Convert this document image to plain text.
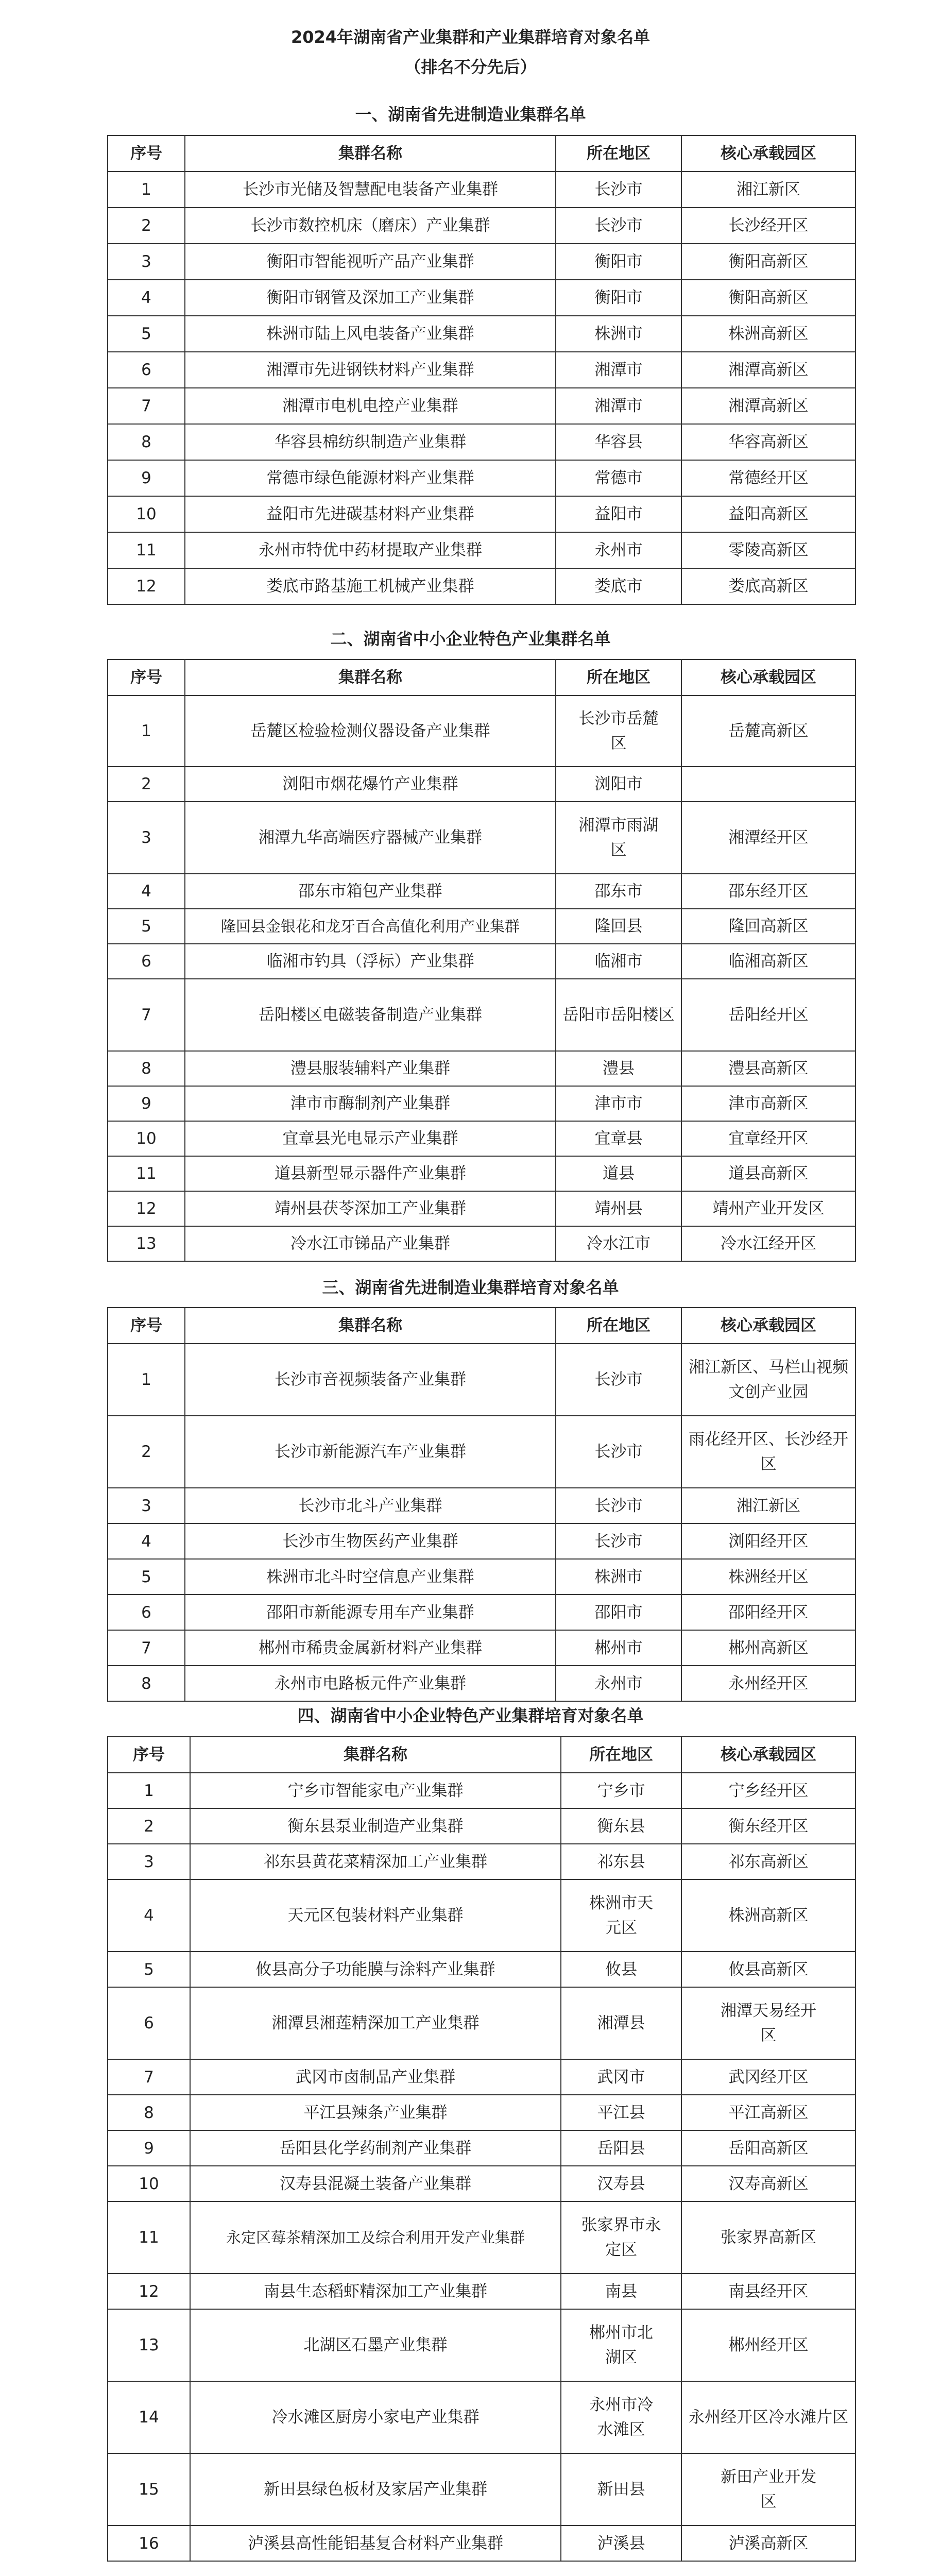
2024年湖南省产业集群和产业集群培育对象名单
（排名不分先后）
一、湖南省先进制造业集群名单
序号	集群名称	所在地区	核心承载园区
1	长沙市光储及智慧配电装备产业集群	长沙市	湘江新区
2	长沙市数控机床（磨床）产业集群	长沙市	长沙经开区
3	衡阳市智能视听产品产业集群	衡阳市	衡阳高新区
4	衡阳市钢管及深加工产业集群	衡阳市	衡阳高新区
5	株洲市陆上风电装备产业集群	株洲市	株洲高新区
6	湘潭市先进钢铁材料产业集群	湘潭市	湘潭高新区
7	湘潭市电机电控产业集群	湘潭市	湘潭高新区
8	华容县棉纺织制造产业集群	华容县	华容高新区
9	常德市绿色能源材料产业集群	常德市	常德经开区
10	益阳市先进碳基材料产业集群	益阳市	益阳高新区
11	永州市特优中药材提取产业集群	永州市	零陵高新区
12	娄底市路基施工机械产业集群	娄底市	娄底高新区
二、湖南省中小企业特色产业集群名单
序号	集群名称	所在地区	核心承载园区
1	岳麓区检验检测仪器设备产业集群	长沙市岳麓区	岳麓高新区
2	浏阳市烟花爆竹产业集群	浏阳市	
3	湘潭九华高端医疗器械产业集群	湘潭市雨湖区	湘潭经开区
4	邵东市箱包产业集群	邵东市	邵东经开区
5	隆回县金银花和龙牙百合高值化利用产业集群	隆回县	隆回高新区
6	临湘市钓具（浮标）产业集群	临湘市	临湘高新区
7	岳阳楼区电磁装备制造产业集群	岳阳市岳阳楼区	岳阳经开区
8	澧县服装辅料产业集群	澧县	澧县高新区
9	津市市酶制剂产业集群	津市市	津市高新区
10	宜章县光电显示产业集群	宜章县	宜章经开区
11	道县新型显示器件产业集群	道县	道县高新区
12	靖州县茯苓深加工产业集群	靖州县	靖州产业开发区
13	冷水江市锑品产业集群	冷水江市	冷水江经开区
三、湖南省先进制造业集群培育对象名单
序号	集群名称	所在地区	核心承载园区
1	长沙市音视频装备产业集群	长沙市	湘江新区、马栏山视频文创产业园
2	长沙市新能源汽车产业集群	长沙市	雨花经开区、长沙经开区
3	长沙市北斗产业集群	长沙市	湘江新区
4	长沙市生物医药产业集群	长沙市	浏阳经开区
5	株洲市北斗时空信息产业集群	株洲市	株洲经开区
6	邵阳市新能源专用车产业集群	邵阳市	邵阳经开区
7	郴州市稀贵金属新材料产业集群	郴州市	郴州高新区
8	永州市电路板元件产业集群	永州市	永州经开区
四、湖南省中小企业特色产业集群培育对象名单
序号	集群名称	所在地区	核心承载园区
1	宁乡市智能家电产业集群	宁乡市	宁乡经开区
2	衡东县泵业制造产业集群	衡东县	衡东经开区
3	祁东县黄花菜精深加工产业集群	祁东县	祁东高新区
4	天元区包装材料产业集群	株洲市天元区	株洲高新区
5	攸县高分子功能膜与涂料产业集群	攸县	攸县高新区
6	湘潭县湘莲精深加工产业集群	湘潭县	湘潭天易经开区
7	武冈市卤制品产业集群	武冈市	武冈经开区
8	平江县辣条产业集群	平江县	平江高新区
9	岳阳县化学药制剂产业集群	岳阳县	岳阳高新区
10	汉寿县混凝土装备产业集群	汉寿县	汉寿高新区
11	永定区莓茶精深加工及综合利用开发产业集群	张家界市永定区	张家界高新区
12	南县生态稻虾精深加工产业集群	南县	南县经开区
13	北湖区石墨产业集群	郴州市北湖区	郴州经开区
14	冷水滩区厨房小家电产业集群	永州市冷水滩区	永州经开区冷水滩片区
15	新田县绿色板材及家居产业集群	新田县	新田产业开发区
16	泸溪县高性能铝基复合材料产业集群	泸溪县	泸溪高新区
